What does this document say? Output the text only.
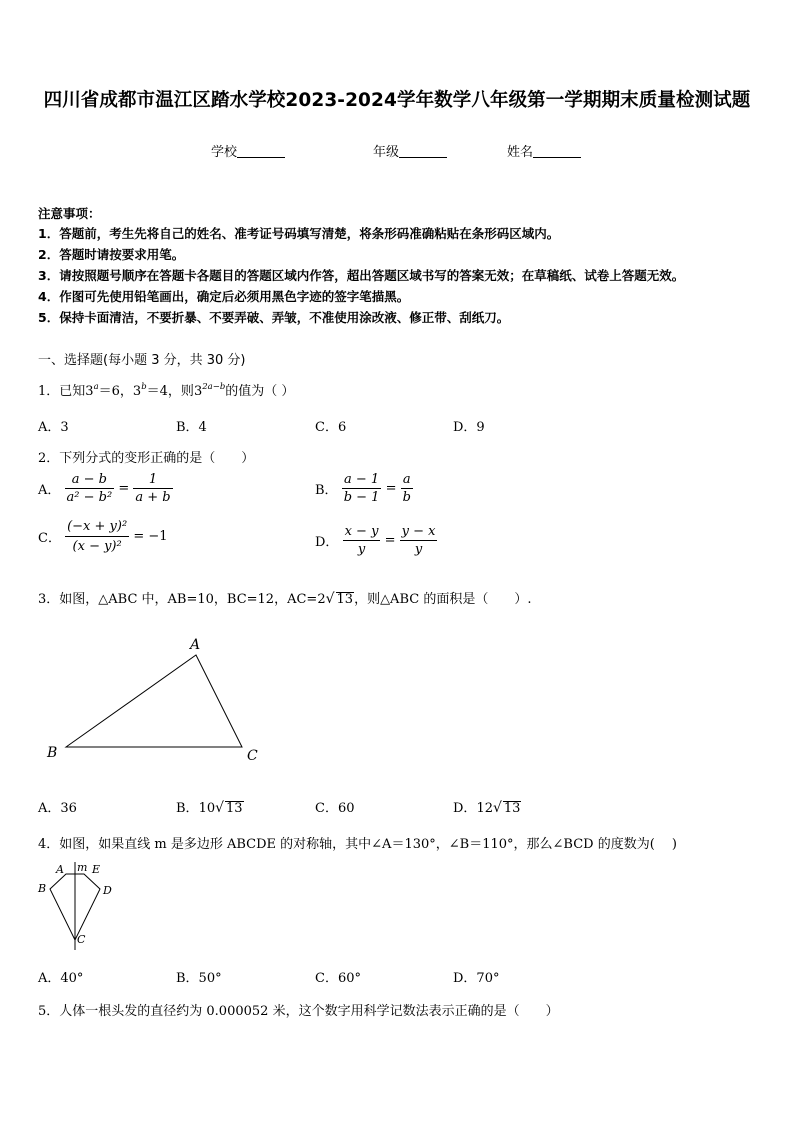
四川省成都市温江区踏水学校2023-2024学年数学八年级第一学期期末质量检测试题
学校	年级	姓名
注意事项：
1．答题前，考生先将自己的姓名、准考证号码填写清楚，将条形码准确粘贴在条形码区域内。
2．答题时请按要求用笔。
3．请按照题号顺序在答题卡各题目的答题区域内作答，超出答题区域书写的答案无效；在草稿纸、试卷上答题无效。
4．作图可先使用铅笔画出，确定后必须用黑色字迹的签字笔描黑。
5．保持卡面清洁，不要折暴、不要弄破、弄皱，不准使用涂改液、修正带、刮纸刀。
一、选择题(每小题 3 分，共 30 分)
1．已知$3^a=6$，$3^b=4$，则$3^{2a-b}$的值为（ ）
A．3	B．4	C．6	D．9
2．下列分式的变形正确的是（　　）
A． $\frac{a - b}{\text{a² − b²}} = \frac{1}{a + b}$	B． $\frac{a - 1}{b - 1} = \frac{a}{b}$
C． $\frac{\text{(−x + y)²}}{\text{(x − y)²}} = -1$	D． $\frac{x - y}{y} = \frac{y - x}{y}$
3．如图，△ABC 中，AB=10，BC=12，AC=2√ 13，则△ABC 的面积是（　　）.
A
B	C
A．36	B．10√ 13	C．60	D．12√ 13
4．如图，如果直线 m 是多边形 ABCDE 的对称轴，其中∠A＝130°，∠B＝110°，那么∠BCD 的度数为(　 )
A m E
B	D
C
A．40°	B．50°	C．60°	D．70°
5．人体一根头发的直径约为 0.000052 米，这个数字用科学记数法表示正确的是（　　）
